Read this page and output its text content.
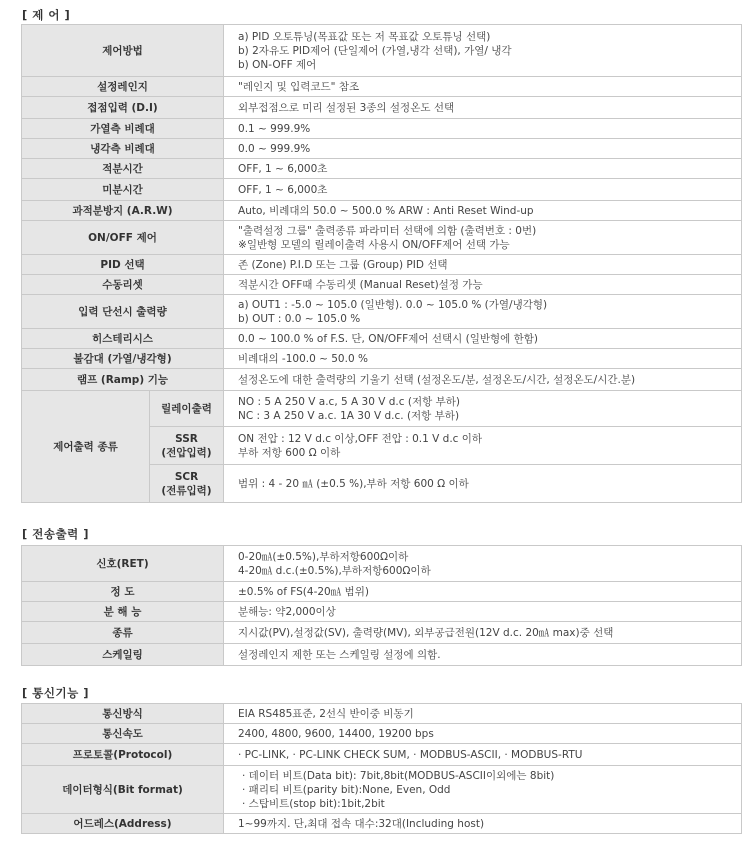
[ 제 어 ]
제어방법		a) PID 오토튜닝(목표값 또는 저 목표값 오토튜닝 선택)
b) 2자유도 PID제어 (단일제어 (가열,냉각 선택), 가열/ 냉각
b) ON-OFF 제어

설정레인지		"레인지 및 입력코드" 참조

접점입력 (D.I)		외부접점으로 미리 설정된 3종의 설정온도 선택

가열측 비례대		0.1 ~ 999.9%

냉각측 비례대		0.0 ~ 999.9%

적분시간		OFF, 1 ~ 6,000초

미분시간		OFF, 1 ~ 6,000초

과적분방지 (A.R.W)		Auto, 비례대의 50.0 ~ 500.0 % ARW : Anti Reset Wind-up

ON/OFF 제어		"출력설정 그룹" 출력종류 파라미터 선택에 의함 (출력번호 : 0번)
※일반형 모델의 릴레이출력 사용시 ON/OFF제어 선택 가능

PID 선택		존 (Zone) P.I.D 또는 그룹 (Group) PID 선택

수동리셋		적분시간 OFF때 수동리셋 (Manual Reset)설정 가능

입력 단선시 출력량		a) OUT1 : -5.0 ~ 105.0 (일반형). 0.0 ~ 105.0 % (가열/냉각형)
b) OUT : 0.0 ~ 105.0 %

히스테리시스		0.0 ~ 100.0 % of F.S. 단, ON/OFF제어 선택시 (일반형에 한함)

불감대 (가열/냉각형)		비례대의 -100.0 ~ 50.0 %

램프 (Ramp) 기능		설정온도에 대한 출력량의 기울기 선택 (설정온도/분, 설정온도/시간, 설정온도/시간.분)

제어출력 종류	릴레이출력	NO : 5 A 250 V a.c, 5 A 30 V d.c (저항 부하)
NC : 3 A 250 V a.c. 1A 30 V d.c. (저항 부하)

	SSR
(전압입력)	ON 전압 : 12 V d.c 이상,OFF 전압 : 0.1 V d.c 이하
부하 저항 600 Ω 이하

	SCR
(전류입력)	범위 : 4 - 20 ㎃ (±0.5 %),부하 저항 600 Ω 이하
[ 전송출력 ]
신호(RET)	0-20㎃(±0.5%),부하저항600Ω이하
4-20㎃ d.c.(±0.5%),부하저항600Ω이하

정 도	±0.5% of FS(4-20㎃ 범위)

분 해 능	분해능: 약2,000이상

종류	지시값(PV),설정값(SV), 출력량(MV), 외부공급전원(12V d.c. 20㎃ max)중 선택

스케일링	설정레인지 제한 또는 스케일링 설정에 의함.
[ 통신기능 ]
통신방식	EIA RS485표준, 2선식 반이중 비동기

통신속도	2400, 4800, 9600, 14400, 19200 bps

프로토콜(Protocol)	· PC-LINK, · PC-LINK CHECK SUM, · MODBUS-ASCII, · MODBUS-RTU

데이터형식(Bit format)	· 데이터 비트(Data bit): 7bit,8bit(MODBUS-ASCII이외에는 8bit)
· 패리티 비트(parity bit):None, Even, Odd
· 스탑비트(stop bit):1bit,2bit

어드레스(Address)	1~99까지. 단,최대 접속 대수:32대(Including host)
